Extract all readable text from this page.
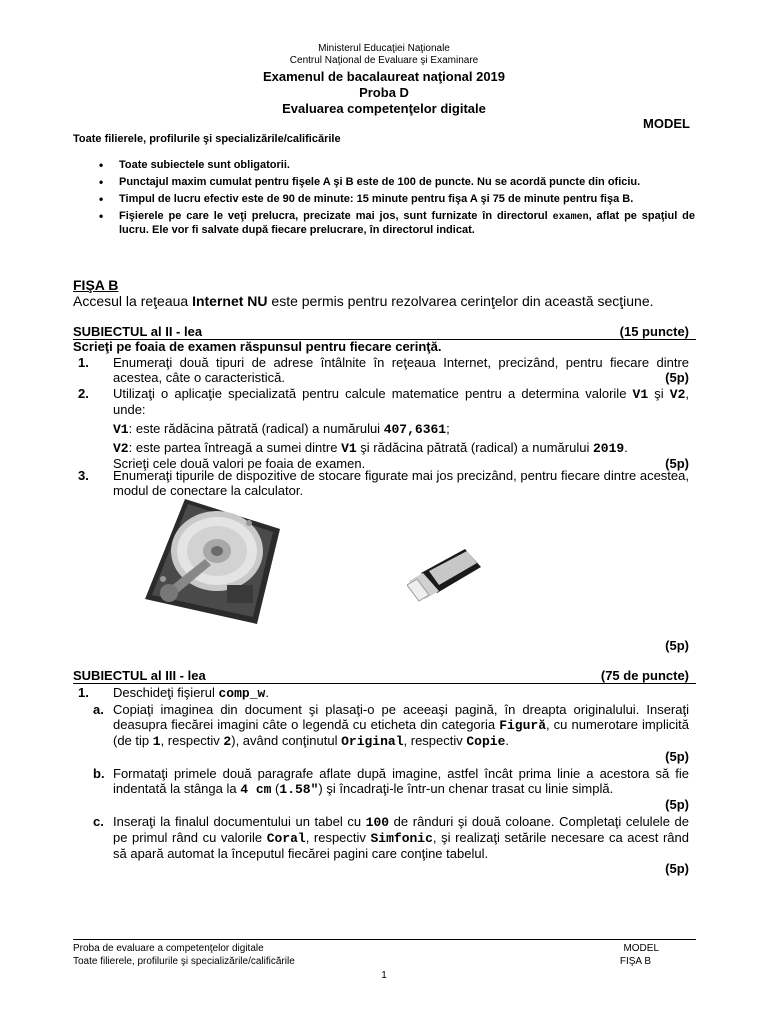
Ministerul Educaţiei Naţionale
Centrul Naţional de Evaluare şi Examinare
Examenul de bacalaureat naţional 2019
Proba D
Evaluarea competenţelor digitale
MODEL
Toate filierele, profilurile şi specializările/calificările
• Toate subiectele sunt obligatorii.
• Punctajul maxim cumulat pentru fişele A şi B este de 100 de puncte. Nu se acordă puncte din oficiu.
• Timpul de lucru efectiv este de 90 de minute: 15 minute pentru fişa A şi 75 de minute pentru fişa B.
• Fişierele pe care le veţi prelucra, precizate mai jos, sunt furnizate în directorul examen, aflat pe spaţiul de lucru. Ele vor fi salvate după fiecare prelucrare, în directorul indicat.
FIŞA B
Accesul la reţeaua Internet NU este permis pentru rezolvarea cerinţelor din această secţiune.
SUBIECTUL al II - lea	(15 puncte)
Scrieţi pe foaia de examen răspunsul pentru fiecare cerinţă.
1. Enumeraţi două tipuri de adrese întâlnite în reţeaua Internet, precizând, pentru fiecare dintre acestea, câte o caracteristică.	(5p)
2. Utilizaţi o aplicaţie specializată pentru calcule matematice pentru a determina valorile V1 şi V2, unde:
V1: este rădăcina pătrată (radical) a numărului 407,6361;
V2: este partea întreagă a sumei dintre V1 şi rădăcina pătrată (radical) a numărului 2019.
Scrieţi cele două valori pe foaia de examen.	(5p)
3. Enumeraţi tipurile de dispozitive de stocare figurate mai jos precizând, pentru fiecare dintre acestea, modul de conectare la calculator.
(5p)
SUBIECTUL al III - lea	(75 de puncte)
1. Deschideţi fişierul comp_w.
a. Copiaţi imaginea din document şi plasaţi-o pe aceeaşi pagină, în dreapta originalului. Inseraţi deasupra fiecărei imagini câte o legendă cu eticheta din categoria Figură, cu numerotare implicită (de tip 1, respectiv 2), având conţinutul Original, respectiv Copie.
(5p)
b. Formataţi primele două paragrafe aflate după imagine, astfel încât prima linie a acestora să fie indentată la stânga la 4 cm (1.58") şi încadraţi-le într-un chenar trasat cu linie simplă.
(5p)
c. Inseraţi la finalul documentului un tabel cu 100 de rânduri şi două coloane. Completaţi celulele de pe primul rând cu valorile Coral, respectiv Simfonic, şi realizaţi setările necesare ca acest rând să apară automat la începutul fiecărei pagini care conţine tabelul.
(5p)
Proba de evaluare a competenţelor digitale
Toate filierele, profilurile şi specializările/calificările
MODEL
FIŞA B
1
